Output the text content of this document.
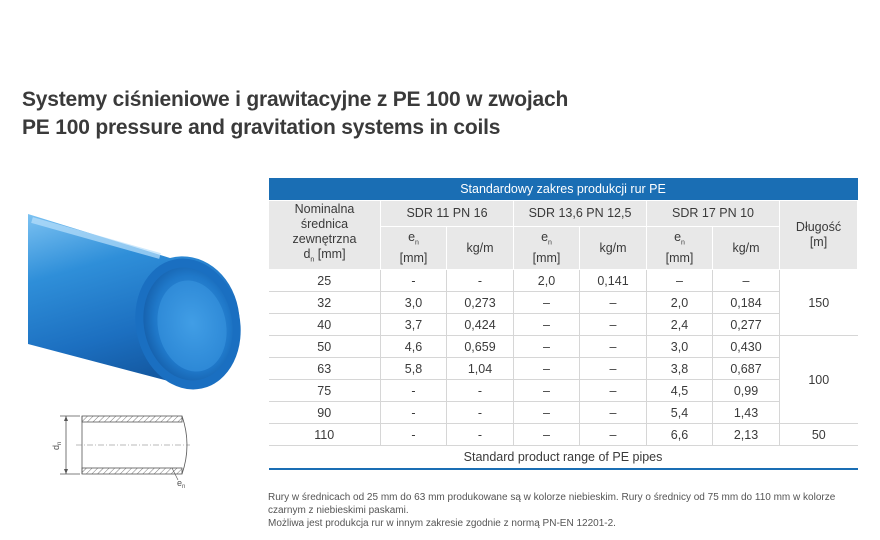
Systemy ciśnieniowe i grawitacyjne z PE 100 w zwojach
PE 100 pressure and gravitation systems in coils
$d_n$
$e_n$
Standardowy zakres produkcji rur PE							
Nominalna
średnica
zewnętrzna
$d_n$ [mm]	SDR 11 PN 16		SDR 13,6 PN 12,5		SDR 17 PN 10		Długość
[m]
	$e_n$
[mm]	kg/m	$e_n$
[mm]	kg/m	$e_n$
[mm]	kg/m	
25	-	-	2,0	0,141	–	–	150
32	3,0	0,273	–	–	2,0	0,184	
40	3,7	0,424	–	–	2,4	0,277	
50	4,6	0,659	–	–	3,0	0,430	100
63	5,8	1,04	–	–	3,8	0,687	
75	-	-	–	–	4,5	0,99	
90	-	-	–	–	5,4	1,43	
110	-	-	–	–	6,6	2,13	50
Standard product range of PE pipes							

Rury w średnicach od 25 mm do 63 mm produkowane są w kolorze niebieskim. Rury o średnicy od 75 mm do 110 mm w kolorze czarnym z niebieskimi paskami.

Możliwa jest produkcja rur w innym zakresie zgodnie z normą PN-EN 12201-2.
